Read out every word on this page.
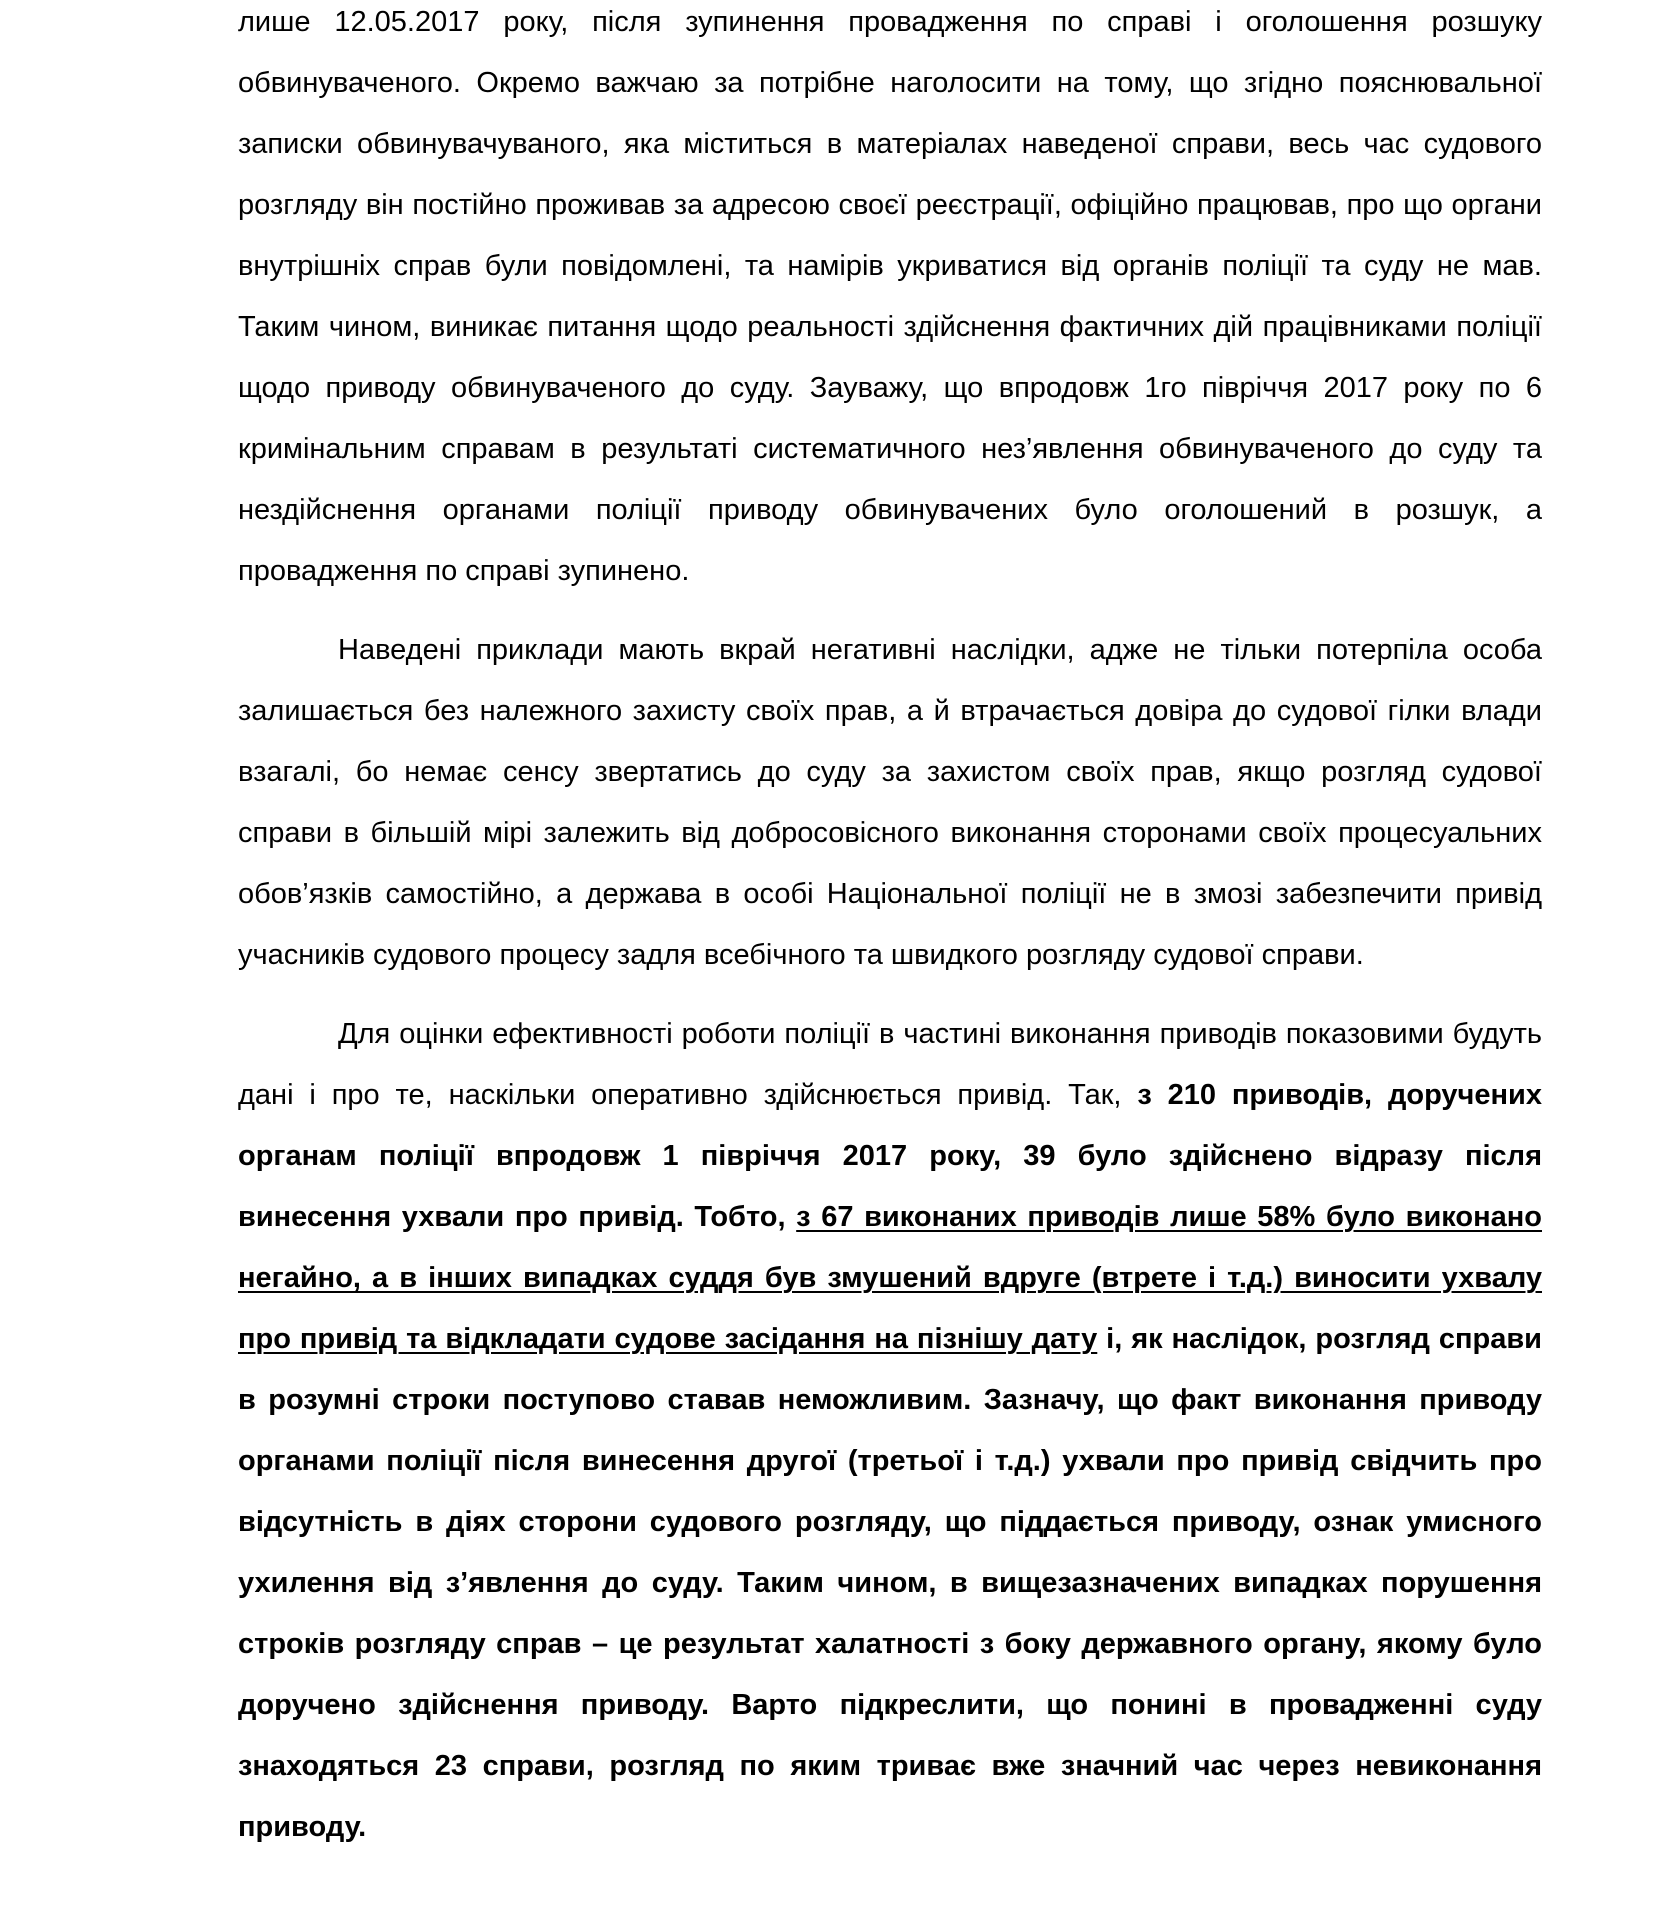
лише 12.05.2017 року, після зупинення провадження по справі і оголошення розшуку обвинуваченого. Окремо важчаю за потрібне наголосити на тому, що згідно пояснювальної записки обвинувачуваного, яка міститься в матеріалах наведеної справи, весь час судового розгляду він постійно проживав за адресою своєї реєстрації, офіційно працював, про що органи внутрішніх справ були повідомлені, та намірів укриватися від органів поліції та суду не мав. Таким чином, виникає питання щодо реальності здійснення фактичних дій працівниками поліції щодо приводу обвинуваченого до суду. Зауважу, що впродовж 1го півріччя 2017 року по 6 кримінальним справам в результаті систематичного нез’явлення обвинуваченого до суду та нездійснення органами поліції приводу обвинувачених було оголошений в розшук, а провадження по справі зупинено.

Наведені приклади мають вкрай негативні наслідки, адже не тільки потерпіла особа залишається без належного захисту своїх прав, а й втрачається довіра до судової гілки влади взагалі, бо немає сенсу звертатись до суду за захистом своїх прав, якщо розгляд судової справи в більшій мірі залежить від добросовісного виконання сторонами своїх процесуальних обов’язків самостійно, а держава в особі Національної поліції не в змозі забезпечити привід учасників судового процесу задля всебічного та швидкого розгляду судової справи.

Для оцінки ефективності роботи поліції в частині виконання приводів показовими будуть дані і про те, наскільки оперативно здійснюється привід. Так, з 210 приводів, доручених органам поліції впродовж 1 півріччя 2017 року, 39 було здійснено відразу після винесення ухвали про привід. Тобто, з 67 виконаних приводів лише 58% було виконано негайно, а в інших випадках суддя був змушений вдруге (втрете і т.д.) виносити ухвалу про привід та відкладати судове засідання на пізнішу дату і, як наслідок, розгляд справи в розумні строки поступово ставав неможливим. Зазначу, що факт виконання приводу органами поліції після винесення другої (третьої і т.д.) ухвали про привід свідчить про відсутність в діях сторони судового розгляду, що піддається приводу, ознак умисного ухилення від з’явлення до суду. Таким чином, в вищезазначених випадках порушення строків розгляду справ – це результат халатності з боку державного органу, якому було доручено здійснення приводу. Варто підкреслити, що понині в провадженні суду знаходяться 23 справи, розгляд по яким триває вже значний час через невиконання приводу.
